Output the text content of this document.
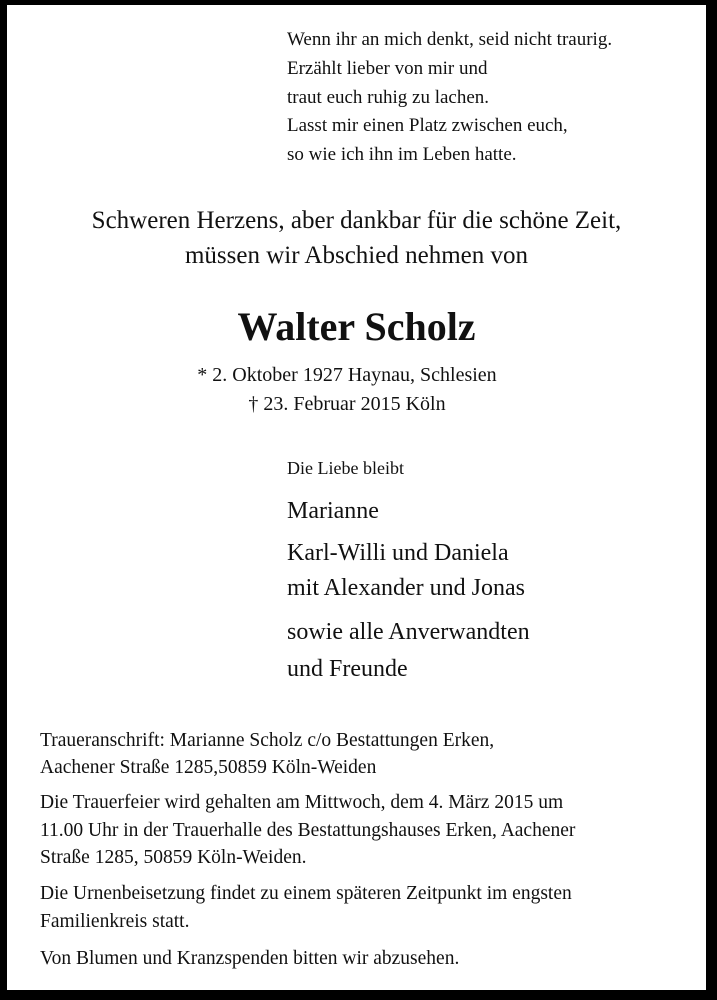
Wenn ihr an mich denkt, seid nicht traurig.
Erzählt lieber von mir und
traut euch ruhig zu lachen.
Lasst mir einen Platz zwischen euch,
so wie ich ihn im Leben hatte.
Schweren Herzens, aber dankbar für die schöne Zeit,
müssen wir Abschied nehmen von
Walter Scholz
* 2. Oktober 1927 Haynau, Schlesien
† 23. Februar 2015 Köln
Die Liebe bleibt
Marianne
Karl-Willi und Daniela
mit Alexander und Jonas
sowie alle Anverwandten
und Freunde
Traueranschrift: Marianne Scholz c/o Bestattungen Erken,
Aachener Straße 1285,50859 Köln-Weiden
Die Trauerfeier wird gehalten am Mittwoch, dem 4. März 2015 um
11.00 Uhr in der Trauerhalle des Bestattungshauses Erken, Aachener
Straße 1285, 50859 Köln-Weiden.
Die Urnenbeisetzung findet zu einem späteren Zeitpunkt im engsten
Familienkreis statt.
Von Blumen und Kranzspenden bitten wir abzusehen.
